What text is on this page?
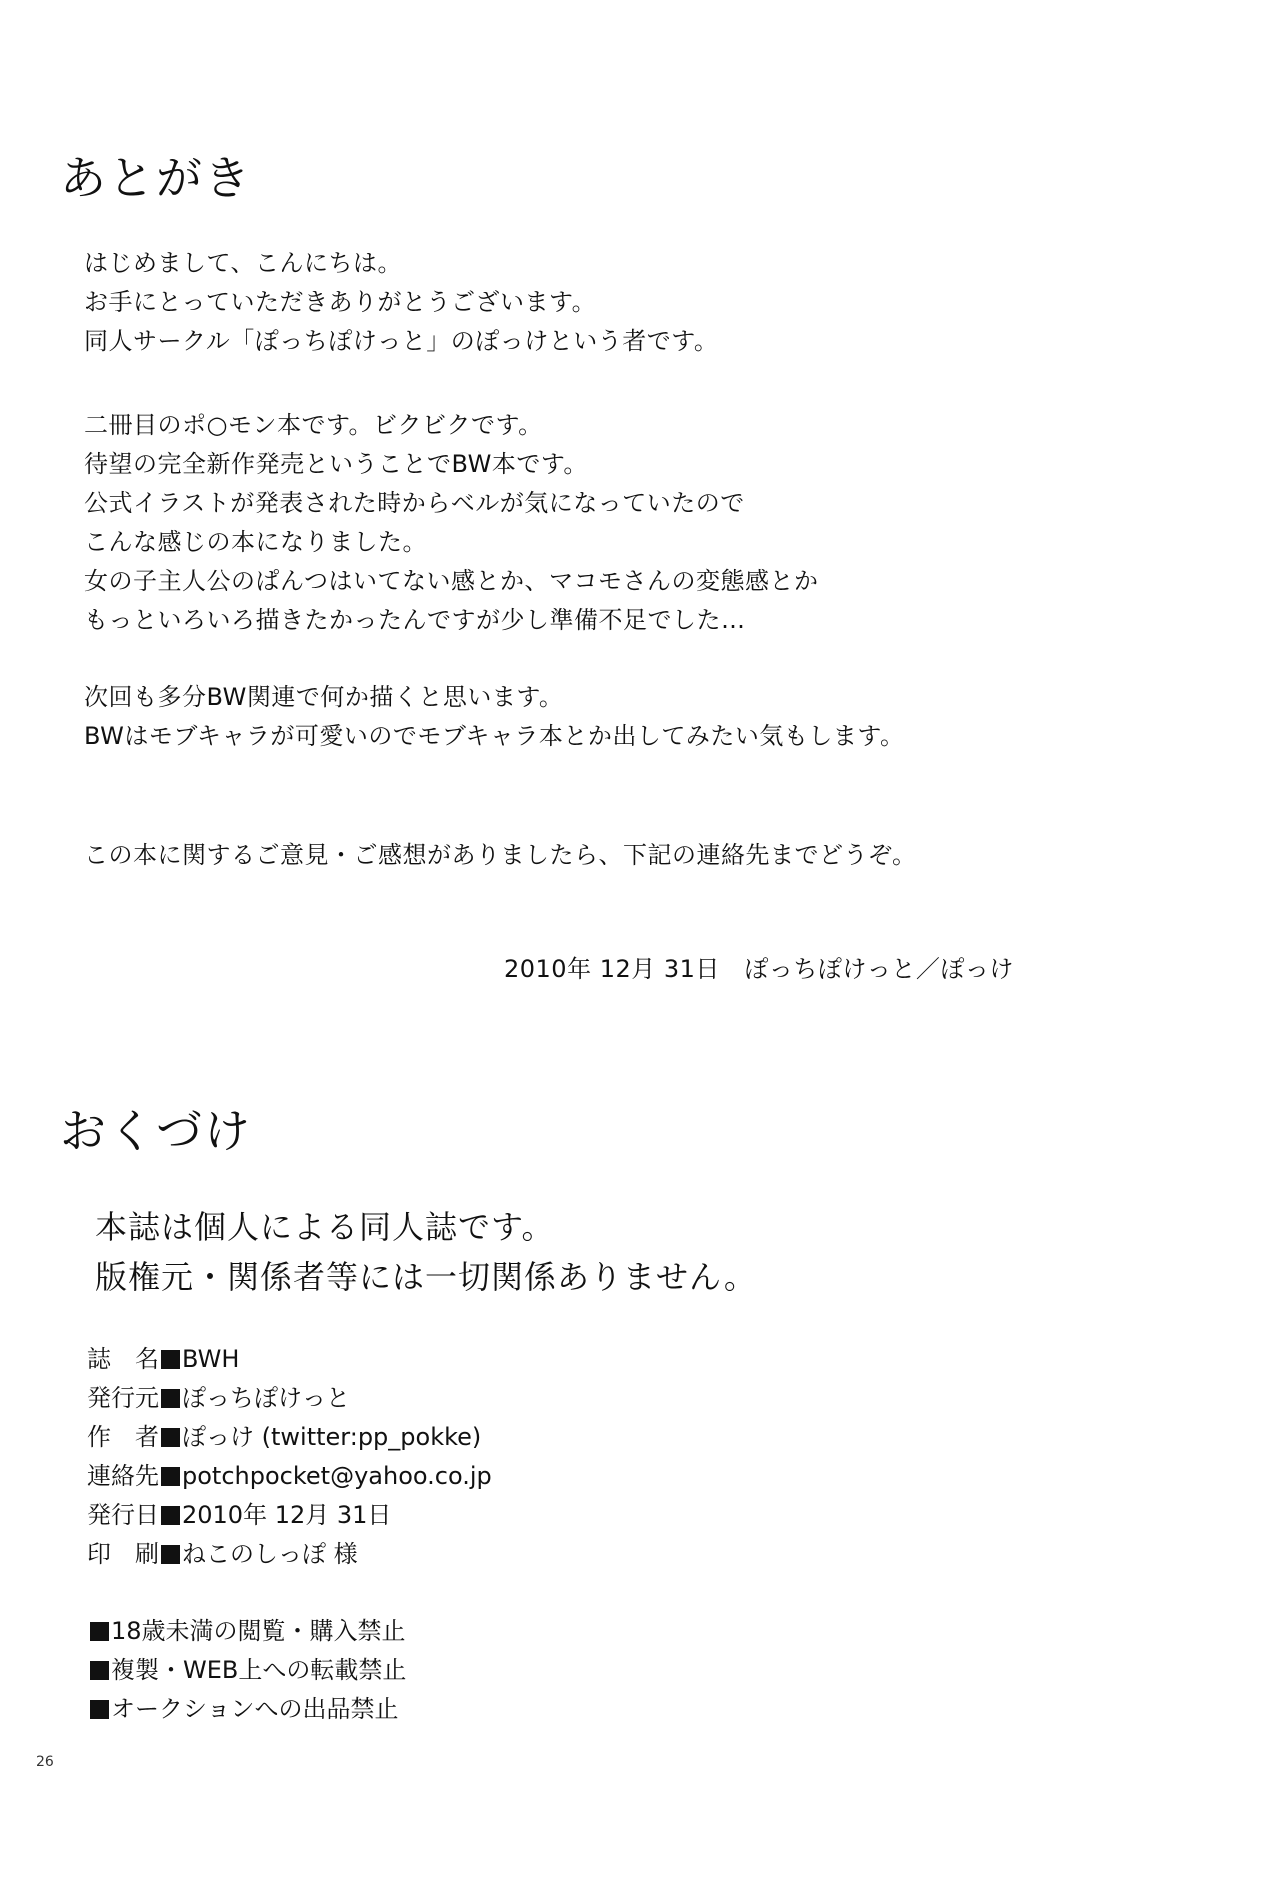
あとがき
はじめまして、こんにちは。
お手にとっていただきありがとうございます。
同人サークル「ぽっちぽけっと」のぽっけという者です。
二冊目のポ○モン本です。ビクビクです。
待望の完全新作発売ということでBW本です。
公式イラストが発表された時からベルが気になっていたので
こんな感じの本になりました。
女の子主人公のぱんつはいてない感とか、マコモさんの変態感とか
もっといろいろ描きたかったんですが少し準備不足でした…
次回も多分BW関連で何か描くと思います。
BWはモブキャラが可愛いのでモブキャラ本とか出してみたい気もします。
この本に関するご意見・ご感想がありましたら、下記の連絡先までどうぞ。
2010年 12月 31日　ぽっちぽけっと／ぽっけ
おくづけ
本誌は個人による同人誌です。
版権元・関係者等には一切関係ありません。
誌　名 BWH
発行元 ぽっちぽけっと
作　者 ぽっけ (twitter:pp_pokke)
連絡先 potchpocket@yahoo.co.jp
発行日 2010年 12月 31日
印　刷 ねこのしっぽ 様
18歳未満の閲覧・購入禁止
複製・WEB上への転載禁止
オークションへの出品禁止
26
